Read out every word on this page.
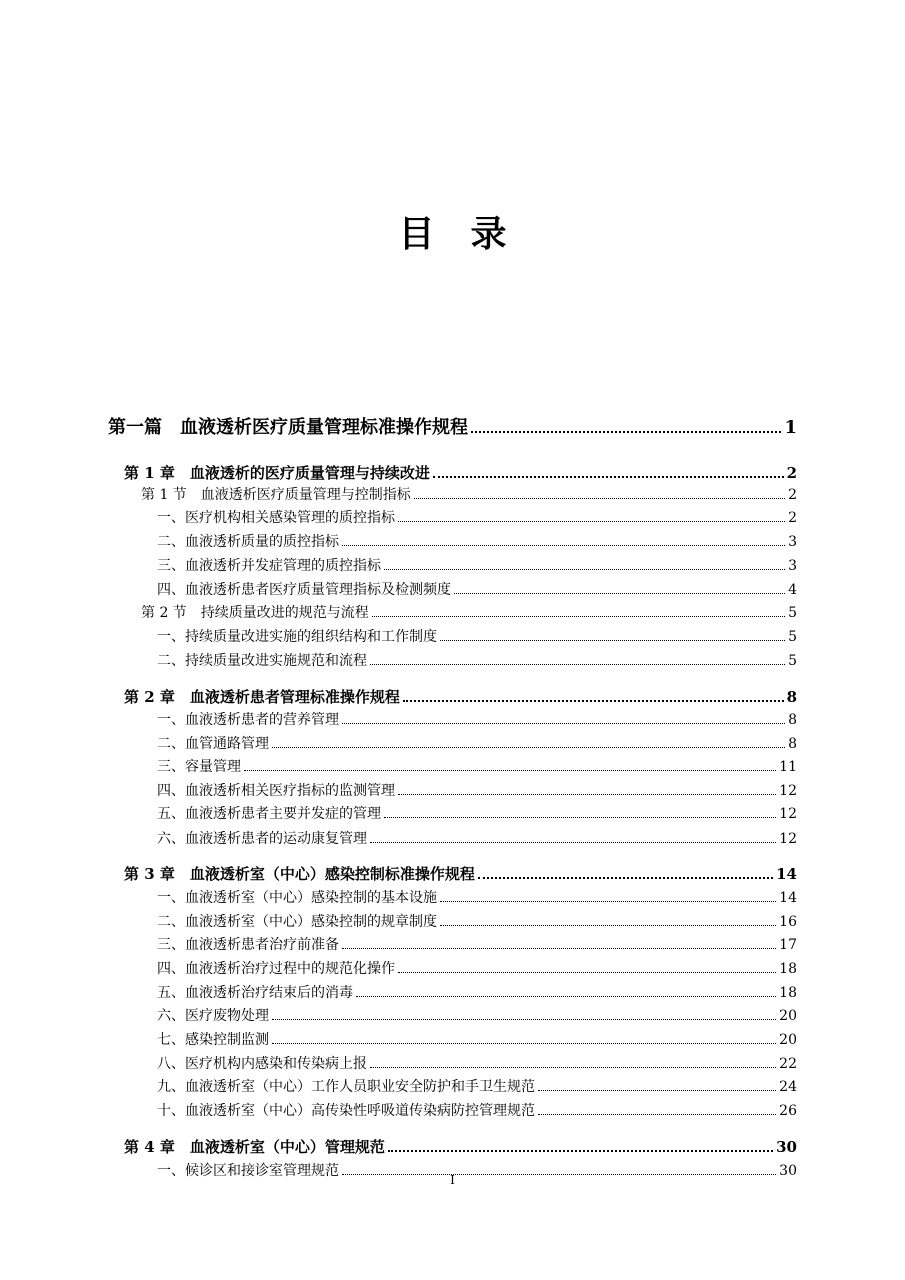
目 录
第一篇　血液透析医疗质量管理标准操作规程	1
第 1 章　血液透析的医疗质量管理与持续改进	2
第 1 节　血液透析医疗质量管理与控制指标	2
一、医疗机构相关感染管理的质控指标	2
二、血液透析质量的质控指标	3
三、血液透析并发症管理的质控指标	3
四、血液透析患者医疗质量管理指标及检测频度	4
第 2 节　持续质量改进的规范与流程	5
一、持续质量改进实施的组织结构和工作制度	5
二、持续质量改进实施规范和流程	5
第 2 章　血液透析患者管理标准操作规程	8
一、血液透析患者的营养管理	8
二、血管通路管理	8
三、容量管理	11
四、血液透析相关医疗指标的监测管理	12
五、血液透析患者主要并发症的管理	12
六、血液透析患者的运动康复管理	12
第 3 章　血液透析室（中心）感染控制标准操作规程	14
一、血液透析室（中心）感染控制的基本设施	14
二、血液透析室（中心）感染控制的规章制度	16
三、血液透析患者治疗前准备	17
四、血液透析治疗过程中的规范化操作	18
五、血液透析治疗结束后的消毒	18
六、医疗废物处理	20
七、感染控制监测	20
八、医疗机构内感染和传染病上报	22
九、血液透析室（中心）工作人员职业安全防护和手卫生规范	24
十、血液透析室（中心）高传染性呼吸道传染病防控管理规范	26
第 4 章　血液透析室（中心）管理规范	30
一、候诊区和接诊室管理规范	30
I
